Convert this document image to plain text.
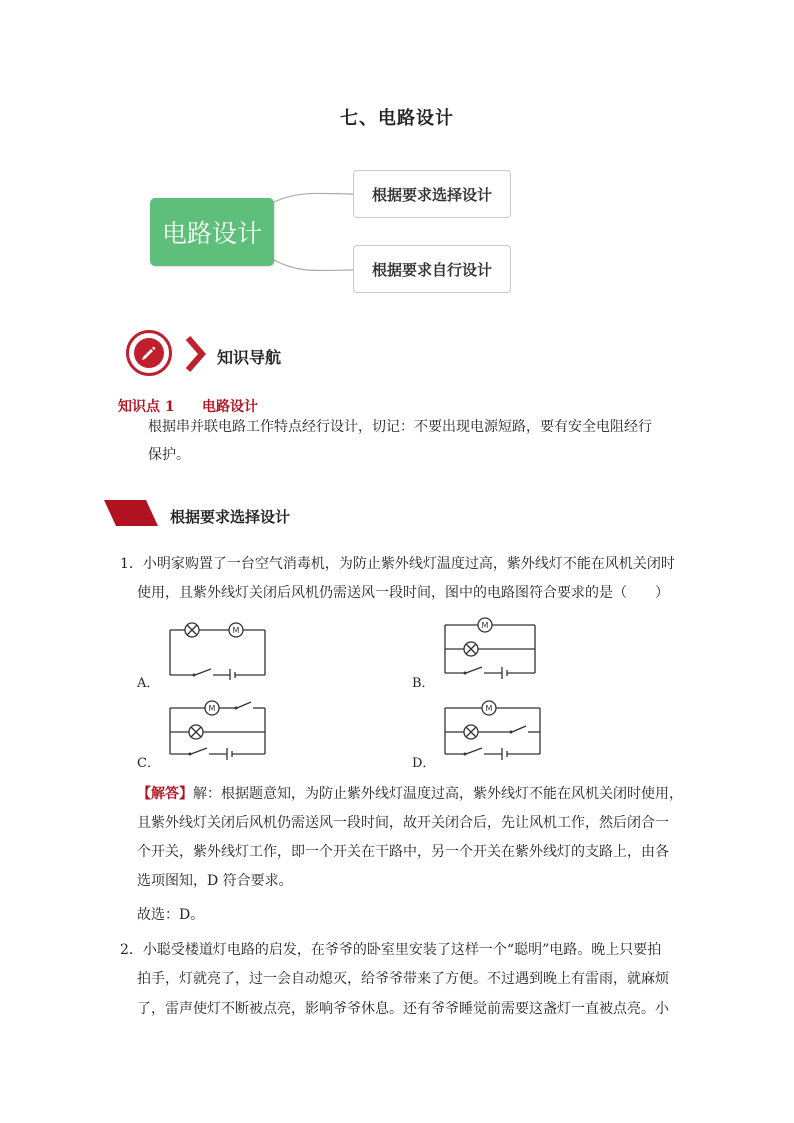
七、电路设计
电路设计
根据要求选择设计
根据要求自行设计
知识导航
知识点 1 电路设计
根据串并联电路工作特点经行设计，切记：不要出现电源短路，要有安全电阻经行
保护。
根据要求选择设计
1．小明家购置了一台空气消毒机，为防止紫外线灯温度过高，紫外线灯不能在风机关闭时
使用，且紫外线灯关闭后风机仍需送风一段时间，图中的电路图符合要求的是（　　）
A．
M
B．
M
C．
M
D．
M
【解答】解：根据题意知，为防止紫外线灯温度过高，紫外线灯不能在风机关闭时使用，
且紫外线灯关闭后风机仍需送风一段时间，故开关闭合后，先让风机工作，然后闭合一
个开关，紫外线灯工作，即一个开关在干路中，另一个开关在紫外线灯的支路上，由各
选项图知，D 符合要求。
故选：D。
2．小聪受楼道灯电路的启发，在爷爷的卧室里安装了这样一个“聪明”电路。晚上只要拍
拍手，灯就亮了，过一会自动熄灭，给爷爷带来了方便。不过遇到晚上有雷雨，就麻烦
了，雷声使灯不断被点亮，影响爷爷休息。还有爷爷睡觉前需要这盏灯一直被点亮。小
